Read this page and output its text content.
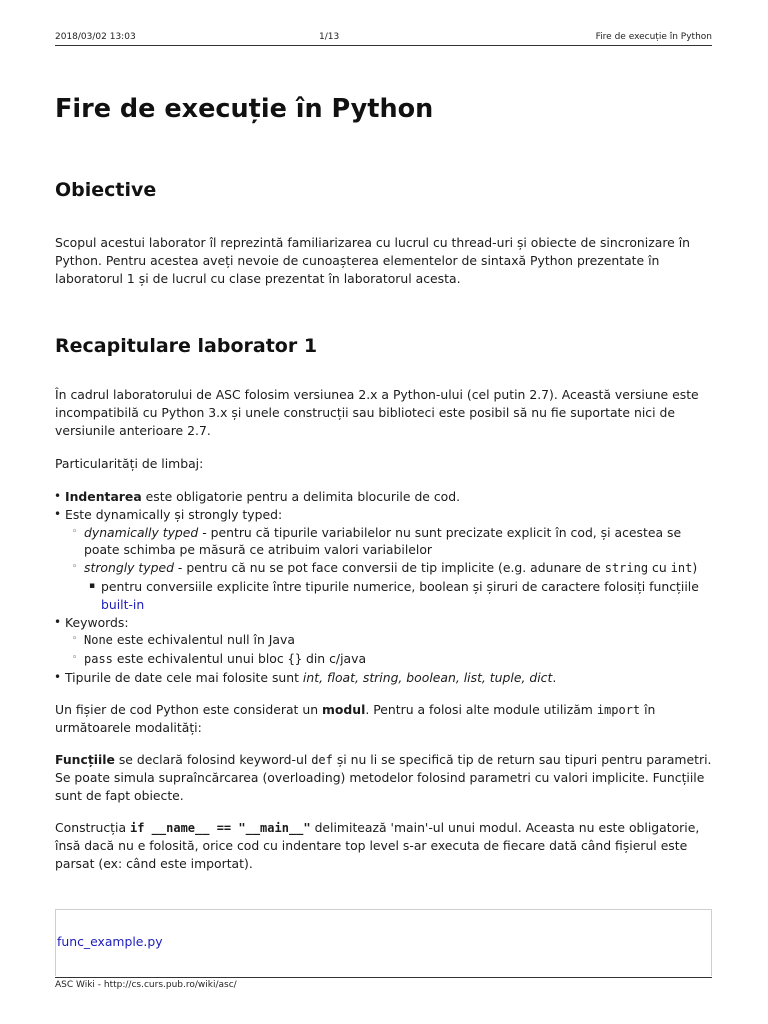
2018/03/02 13:03	1/13	Fire de execuție în Python
Fire de execuție în Python
Obiective

Scopul acestui laborator îl reprezintă familiarizarea cu lucrul cu thread-uri și obiecte de sincronizare în Python. Pentru acestea aveți nevoie de cunoașterea elementelor de sintaxă Python prezentate în laboratorul 1 și de lucrul cu clase prezentat în laboratorul acesta.

Recapitulare laborator 1

În cadrul laboratorului de ASC folosim versiunea 2.x a Python-ului (cel putin 2.7). Această versiune este incompatibilă cu Python 3.x și unele construcții sau biblioteci este posibil să nu fie suportate nici de versiunile anterioare 2.7.

Particularități de limbaj:

• Indentarea este obligatorie pentru a delimita blocurile de cod.
• Este dynamically și strongly typed:
◦ dynamically typed - pentru că tipurile variabilelor nu sunt precizate explicit în cod, și acestea se poate schimba pe măsură ce atribuim valori variabilelor
◦ strongly typed - pentru că nu se pot face conversii de tip implicite (e.g. adunare de string cu int)
▪ pentru conversiile explicite între tipurile numerice, boolean și șiruri de caractere folosiți funcțiile built-in
• Keywords:
◦ None este echivalentul null în Java
◦ pass este echivalentul unui bloc {} din c/java
• Tipurile de date cele mai folosite sunt int, float, string, boolean, list, tuple, dict.

Un fișier de cod Python este considerat un modul. Pentru a folosi alte module utilizăm import în următoarele modalități:

Funcțiile se declară folosind keyword-ul def și nu li se specifică tip de return sau tipuri pentru parametri. Se poate simula supraîncărcarea (overloading) metodelor folosind parametri cu valori implicite. Funcțiile sunt de fapt obiecte.

Construcția if __name__ == "__main__" delimitează 'main'-ul unui modul. Aceasta nu este obligatorie, însă dacă nu e folosită, orice cod cu indentare top level s-ar executa de fiecare dată când fișierul este parsat (ex: când este importat).

func_example.py
ASC Wiki - http://cs.curs.pub.ro/wiki/asc/
